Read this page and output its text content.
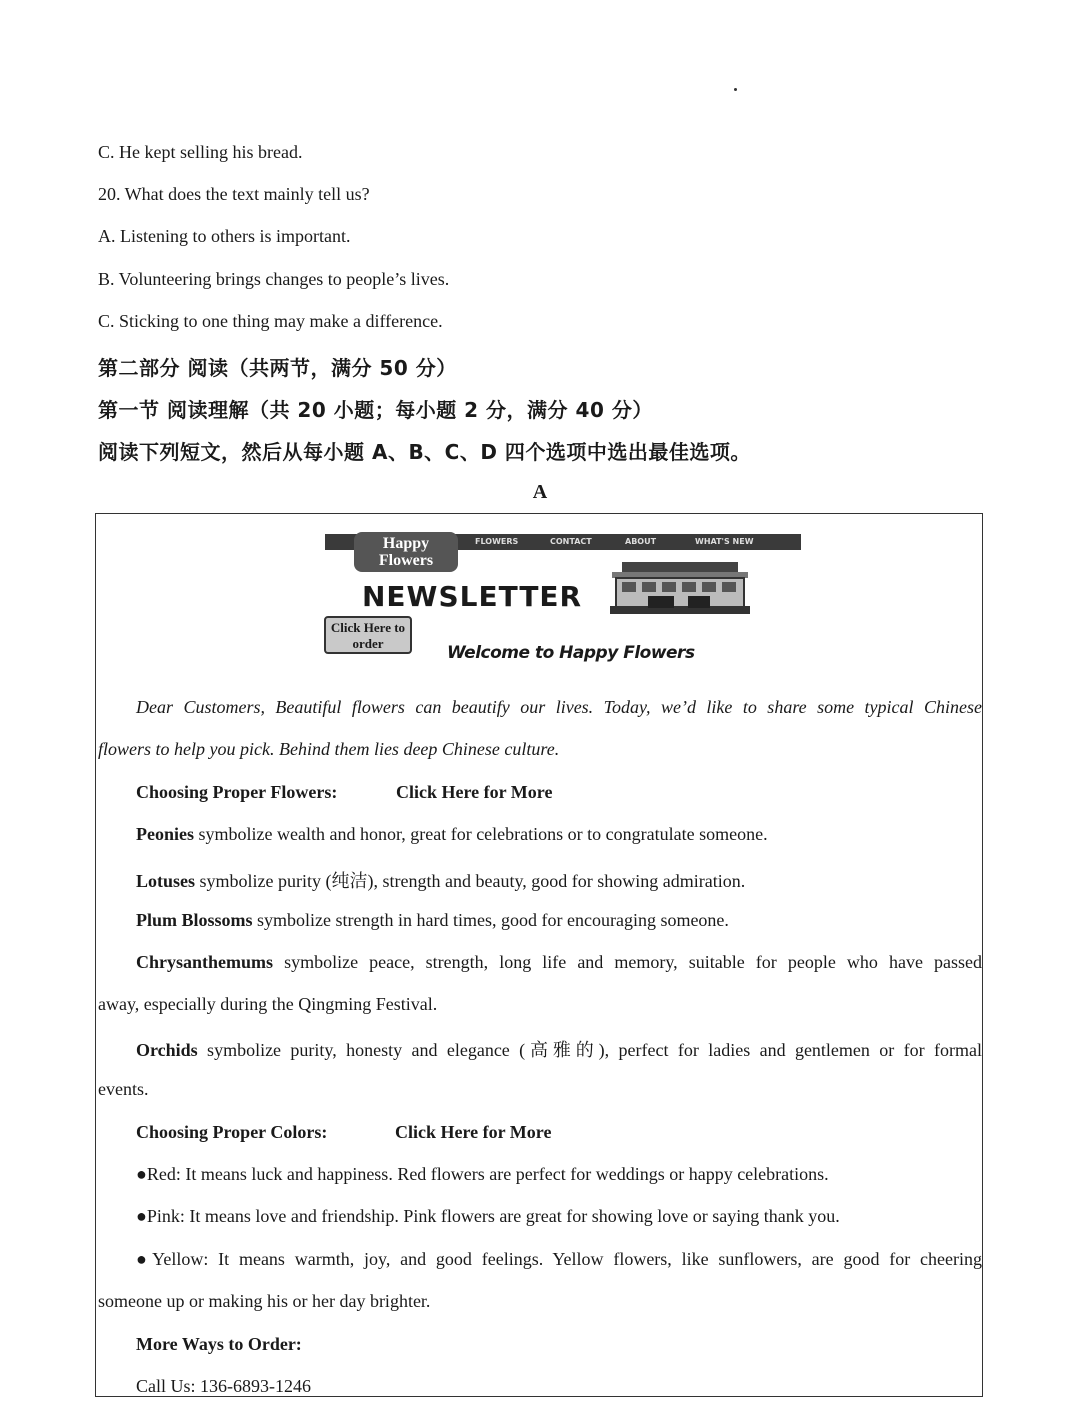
C. He kept selling his bread.
20. What does the text mainly tell us?
A. Listening to others is important.
B. Volunteering brings changes to people’s lives.
C. Sticking to one thing may make a difference.
第二部分 阅读（共两节，满分 50 分）
第一节 阅读理解（共 20 小题；每小题 2 分，满分 40 分）
阅读下列短文，然后从每小题 A、B、C、D 四个选项中选出最佳选项。
A
FLOWERS	CONTACT	ABOUT	WHAT'S NEW
Happy Flowers
NEWSLETTER
Click Here to order	Welcome to Happy Flowers
Dear Customers, Beautiful flowers can beautify our lives. Today, we’d like to share some typical Chinese
flowers to help you pick. Behind them lies deep Chinese culture.
Choosing Proper Flowers:	Click Here for More
Peonies symbolize wealth and honor, great for celebrations or to congratulate someone.
Lotuses symbolize purity (纯洁), strength and beauty, good for showing admiration.
Plum Blossoms symbolize strength in hard times, good for encouraging someone.
Chrysanthemums symbolize peace, strength, long life and memory, suitable for people who have passed
away, especially during the Qingming Festival.
Orchids symbolize purity, honesty and elegance (高雅的), perfect for ladies and gentlemen or for formal
events.
Choosing Proper Colors:	Click Here for More
●Red: It means luck and happiness. Red flowers are perfect for weddings or happy celebrations.
●Pink: It means love and friendship. Pink flowers are great for showing love or saying thank you.
●Yellow: It means warmth, joy, and good feelings. Yellow flowers, like sunflowers, are good for cheering
someone up or making his or her day brighter.
More Ways to Order:
Call Us: 136-6893-1246
